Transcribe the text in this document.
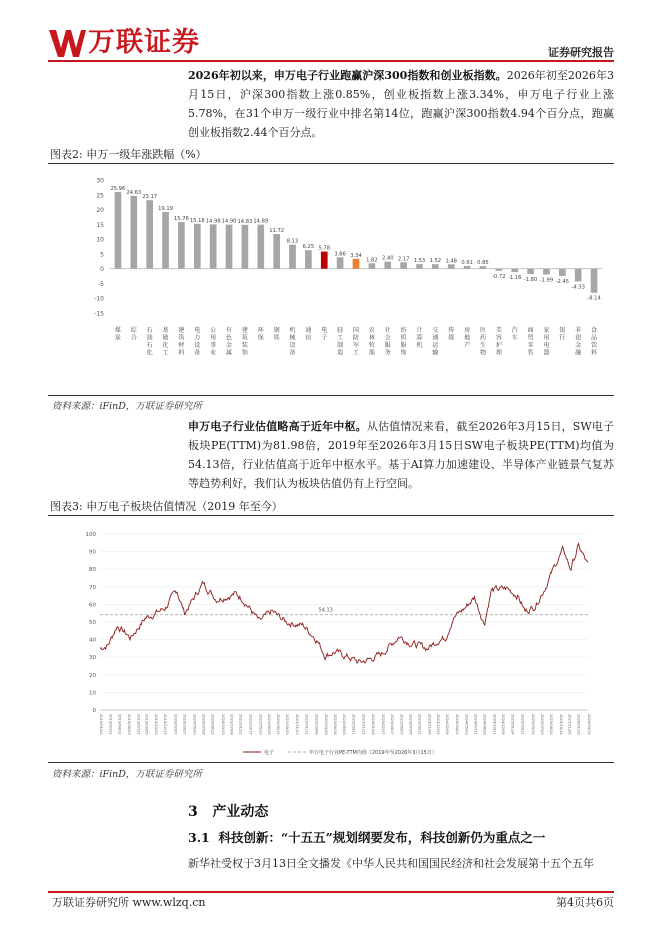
万联证券	证券研究报告
2026年初以来，申万电子行业跑赢沪深300指数和创业板指数。2026年初至2026年3月15日，沪深300指数上涨0.85%，创业板指数上涨3.34%，申万电子行业上涨5.78%，在31个申万一级行业中排名第14位，跑赢沪深300指数4.94个百分点，跑赢创业板指数2.44个百分点。
图表2: 申万一级年涨跌幅（%）
-15
-10
-5
0
5
10
15
20
25
30
25.96
煤炭
24.63
综合
23.17
石油石化
19.19
基础化工
15.76
建筑材料
15.18
电力设备
14.98
公用事业
14.90
有色金属
14.83
建筑装饰
14.89
环保
11.72
钢铁
8.13
机械设备
6.25
通信
5.78
电子
3.86
轻工制造
3.34
国防军工
1.82
农林牧渔
2.40
社会服务
2.17
纺织服饰
1.53
计算机
1.52
交通运输
1.48
传媒
0.91
房地产
0.85
医药生物
-0.72
美容护理
-1.16
汽车
-1.80
商贸零售
-1.99
家用电器
-2.45
银行
-4.33
非银金融
-8.14
食品饮料
资料来源：iFinD，万联证券研究所
申万电子行业估值略高于近年中枢。从估值情况来看，截至2026年3月15日，SW电子板块PE(TTM)为81.98倍，2019年至2026年3月15日SW电子板块PE(TTM)均值为54.13倍，行业估值高于近年中枢水平。基于AI算力加速建设、半导体产业链景气复苏等趋势利好，我们认为板块估值仍有上行空间。
图表3: 申万电子板块估值情况（2019 年至今）
0
10
20
30
40
50
60
70
80
90
100
2019/01/02 2019/02/22 2019/04/12 2019/06/03 2019/07/22 2019/09/05 2019/10/25 2019/12/13 2020/02/07 2020/03/27 2020/05/20 2020/07/08 2020/08/25 2020/10/19 2020/12/04 2021/01/22 2021/03/17 2021/05/10 2021/06/25 2021/08/12 2021/09/29 2021/11/23 2022/01/11 2022/03/08 2022/04/26 2022/06/16 2022/08/03 2022/09/21 2022/11/15 2023/01/04 2023/02/27 2023/04/17 2023/06/07 2023/07/26 2023/09/12 2023/11/06 2023/12/22 2024/02/08 2024/04/01 2024/05/23 2024/07/11 2024/08/28 2024/10/21 2024/12/06 2025/01/24 2025/03/21 2025/05/15 2025/07/03 2025/08/20 2025/10/14 2025/11/28 2026/01/16 2026/03/13
54.13
电子	申万电子行业PE-TTM均值（2019年至2026年3月15日）
资料来源：iFinD，万联证券研究所
3 产业动态
3.1 科技创新：“十五五”规划纲要发布，科技创新仍为重点之一
新华社受权于3月13日全文播发《中华人民共和国国民经济和社会发展第十五个五年
万联证券研究所 www.wlzq.cn	第4页共6页
